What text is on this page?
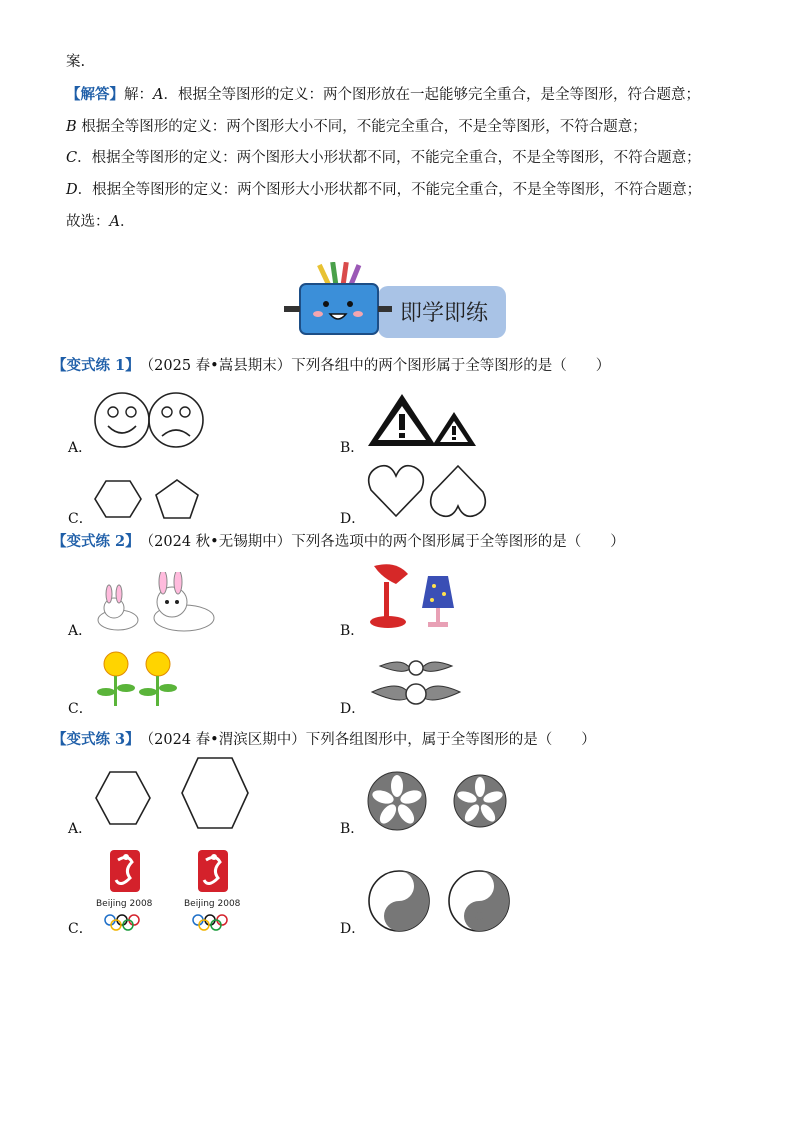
案.
【解答】解：A．根据全等图形的定义：两个图形放在一起能够完全重合，是全等图形，符合题意；
B 根据全等图形的定义：两个图形大小不同，不能完全重合，不是全等图形，不符合题意；
C．根据全等图形的定义：两个图形大小形状都不同，不能完全重合，不是全等图形，不符合题意；
D．根据全等图形的定义：两个图形大小形状都不同，不能完全重合，不是全等图形，不符合题意；
故选：A．
即学即练
【变式练 1】　 （2025 春•嵩县期末）下列各组中的两个图形属于全等图形的是（　　）
A．	B．
C．	D．
【变式练 2】　 （2024 秋•无锡期中）下列各选项中的两个图形属于全等图形的是（　　）
A．	B．
C．	D．
【变式练 3】　 （2024 春•渭滨区期中）下列各组图形中，属于全等图形的是（　　）
A．	B．
C．
Beijing 2008	Beijing 2008
D．
